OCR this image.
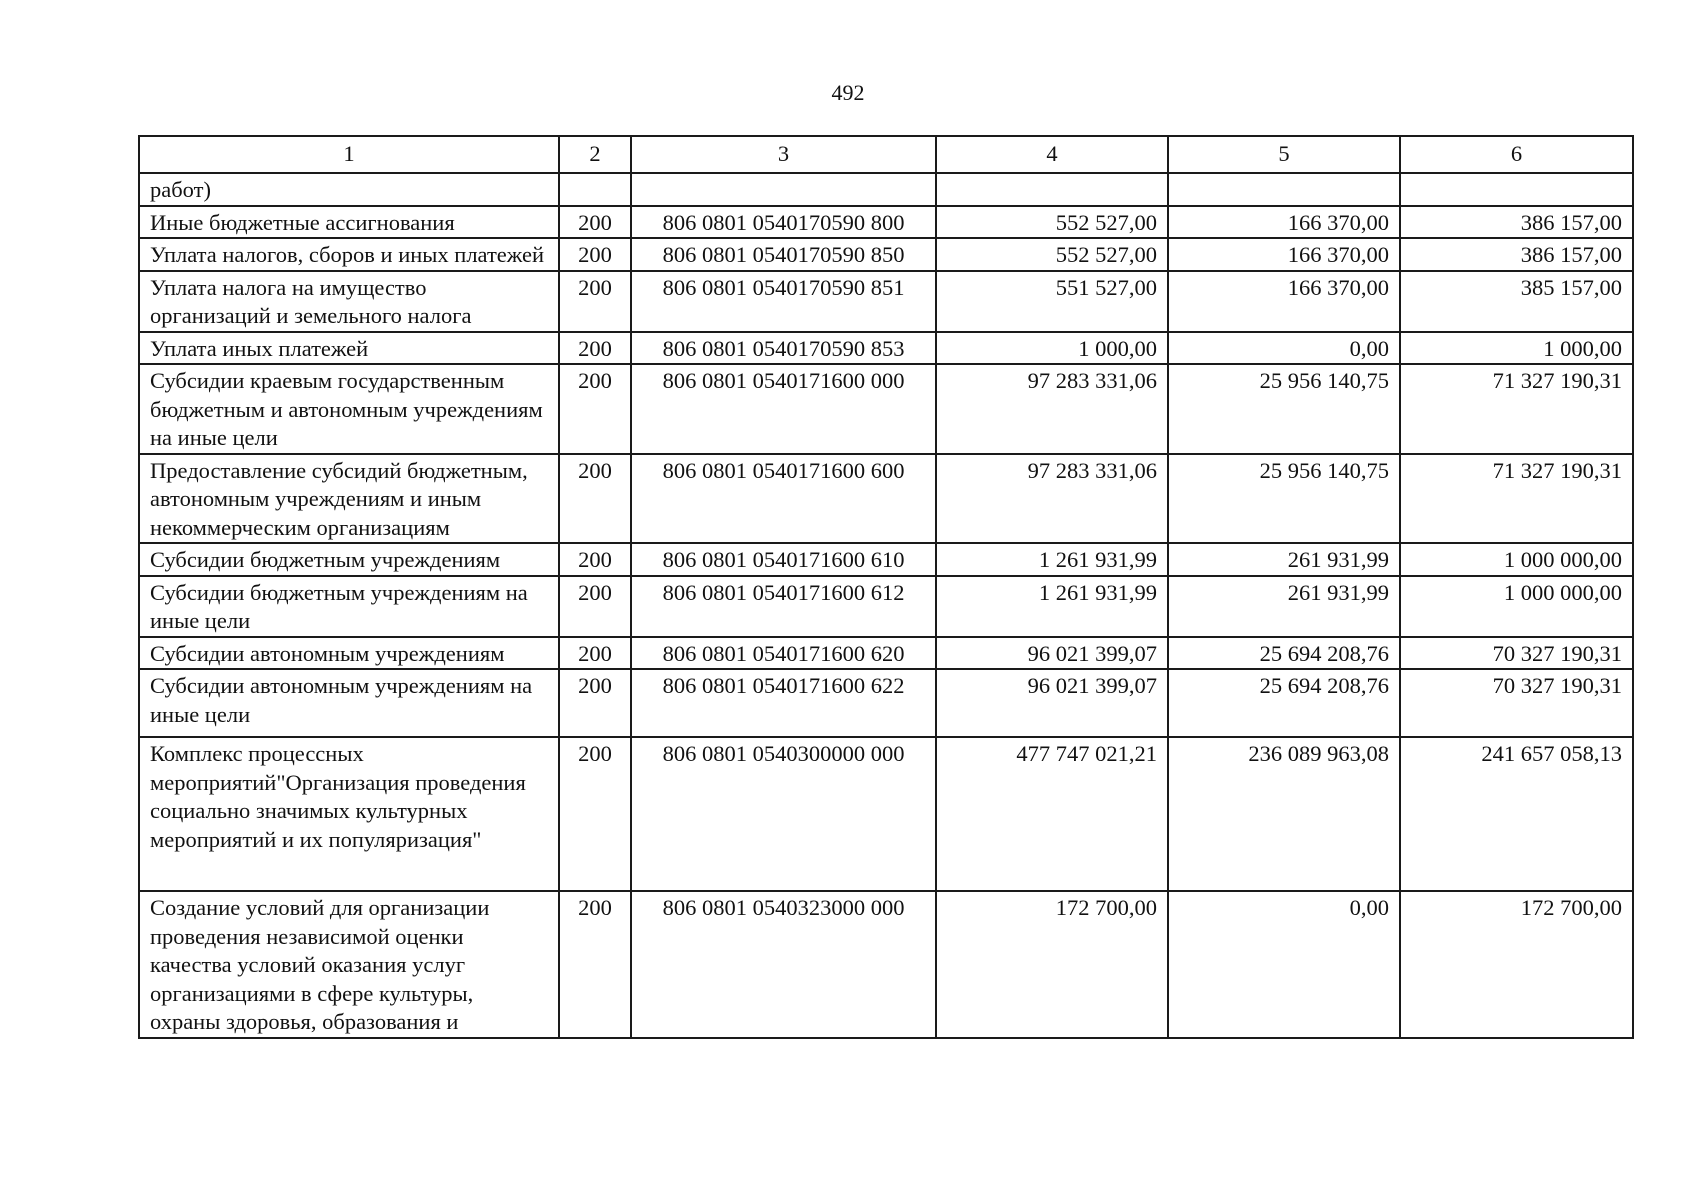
492
1	2	3	4	5	6
работ)					
Иные бюджетные ассигнования	200	806 0801 0540170590 800	552 527,00	166 370,00	386 157,00
Уплата налогов, сборов и иных платежей	200	806 0801 0540170590 850	552 527,00	166 370,00	386 157,00
Уплата налога на имущество организаций и земельного налога	200	806 0801 0540170590 851	551 527,00	166 370,00	385 157,00
Уплата иных платежей	200	806 0801 0540170590 853	1 000,00	0,00	1 000,00
Субсидии краевым государственным бюджетным и автономным учреждениям на иные цели	200	806 0801 0540171600 000	97 283 331,06	25 956 140,75	71 327 190,31
Предоставление субсидий бюджетным, автономным учреждениям и иным некоммерческим организациям	200	806 0801 0540171600 600	97 283 331,06	25 956 140,75	71 327 190,31
Субсидии бюджетным учреждениям	200	806 0801 0540171600 610	1 261 931,99	261 931,99	1 000 000,00
Субсидии бюджетным учреждениям на иные цели	200	806 0801 0540171600 612	1 261 931,99	261 931,99	1 000 000,00
Субсидии автономным учреждениям	200	806 0801 0540171600 620	96 021 399,07	25 694 208,76	70 327 190,31
Субсидии автономным учреждениям на иные цели	200	806 0801 0540171600 622	96 021 399,07	25 694 208,76	70 327 190,31
Комплекс процессных мероприятий"Организация проведения социально значимых культурных мероприятий и их популяризация"	200	806 0801 0540300000 000	477 747 021,21	236 089 963,08	241 657 058,13
Создание условий для организации проведения независимой оценки качества условий оказания услуг организациями в сфере культуры, охраны здоровья, образования и	200	806 0801 0540323000 000	172 700,00	0,00	172 700,00
